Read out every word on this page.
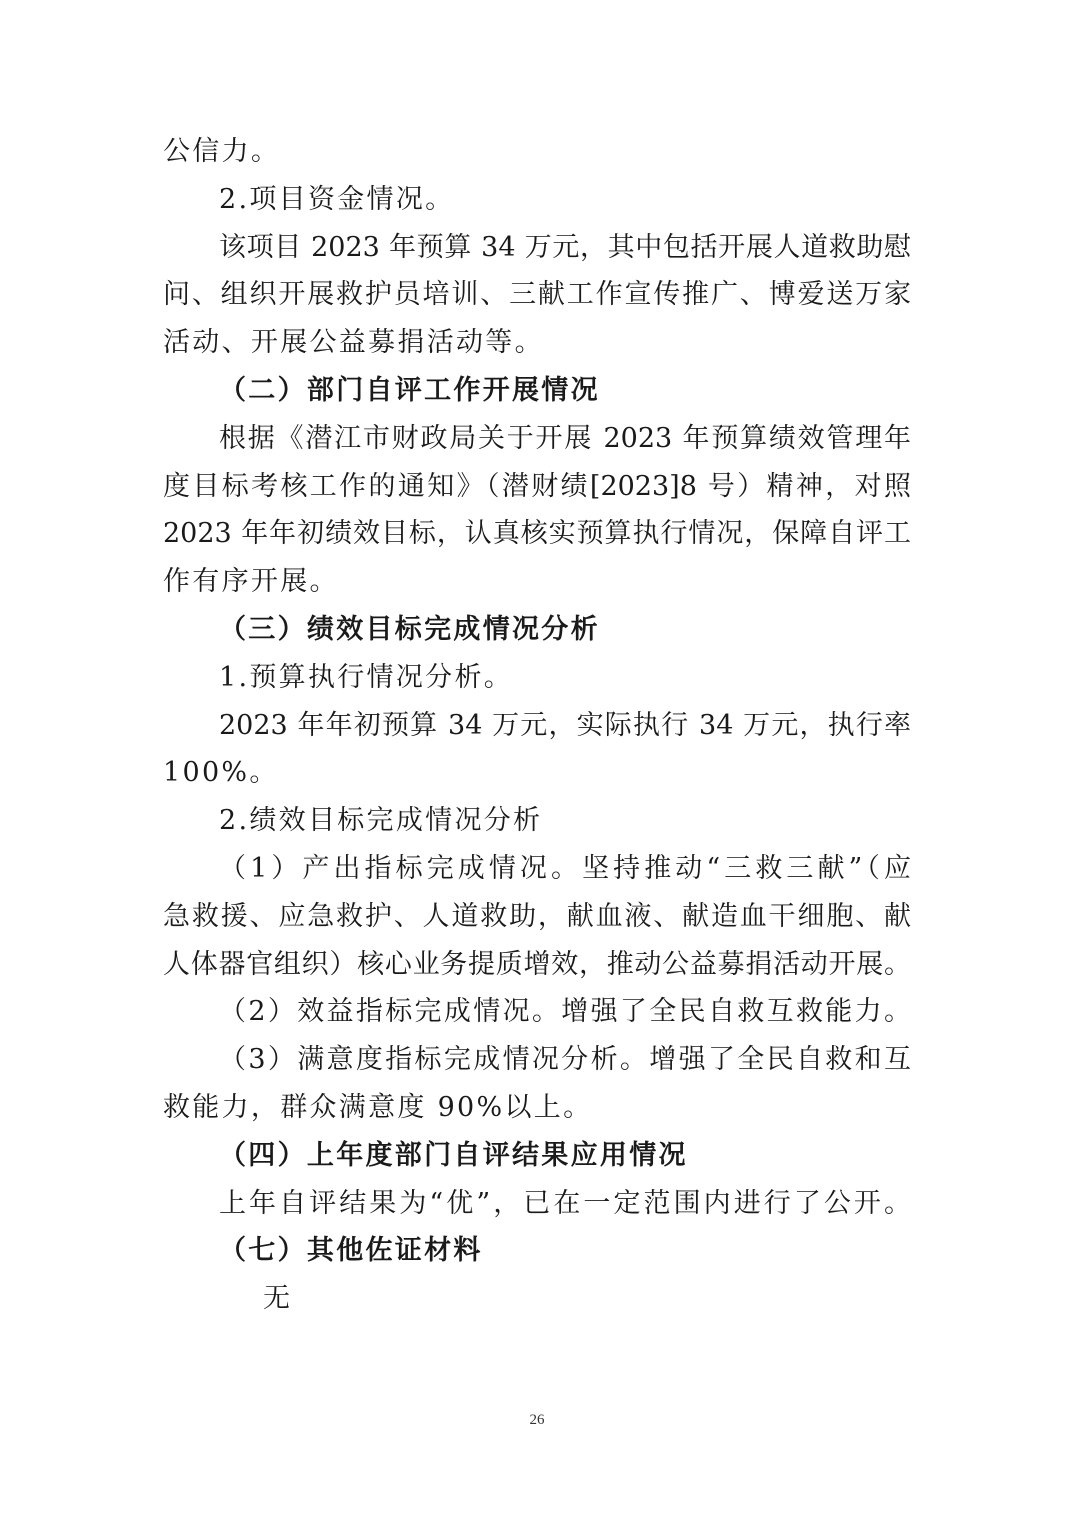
公信力。
2.项目资金情况。
该项目 2023 年预算 34 万元，其中包括开展人道救助慰
问、组织开展救护员培训、三献工作宣传推广、博爱送万家
活动、开展公益募捐活动等。
（二）部门自评工作开展情况
根据《潜江市财政局关于开展 2023 年预算绩效管理年
度目标考核工作的通知》（潜财绩[2023]8 号）精神，对照
2023 年年初绩效目标，认真核实预算执行情况，保障自评工
作有序开展。
（三）绩效目标完成情况分析
1.预算执行情况分析。
2023 年年初预算 34 万元，实际执行 34 万元，执行率
100%。
2.绩效目标完成情况分析
（1）产出指标完成情况。坚持推动“三救三献”（应
急救援、应急救护、人道救助，献血液、献造血干细胞、献
人体器官组织）核心业务提质增效，推动公益募捐活动开展。
（2）效益指标完成情况。增强了全民自救互救能力。
（3）满意度指标完成情况分析。增强了全民自救和互
救能力，群众满意度 90%以上。
（四）上年度部门自评结果应用情况
上年自评结果为“优”，已在一定范围内进行了公开。
（七）其他佐证材料
无
26
